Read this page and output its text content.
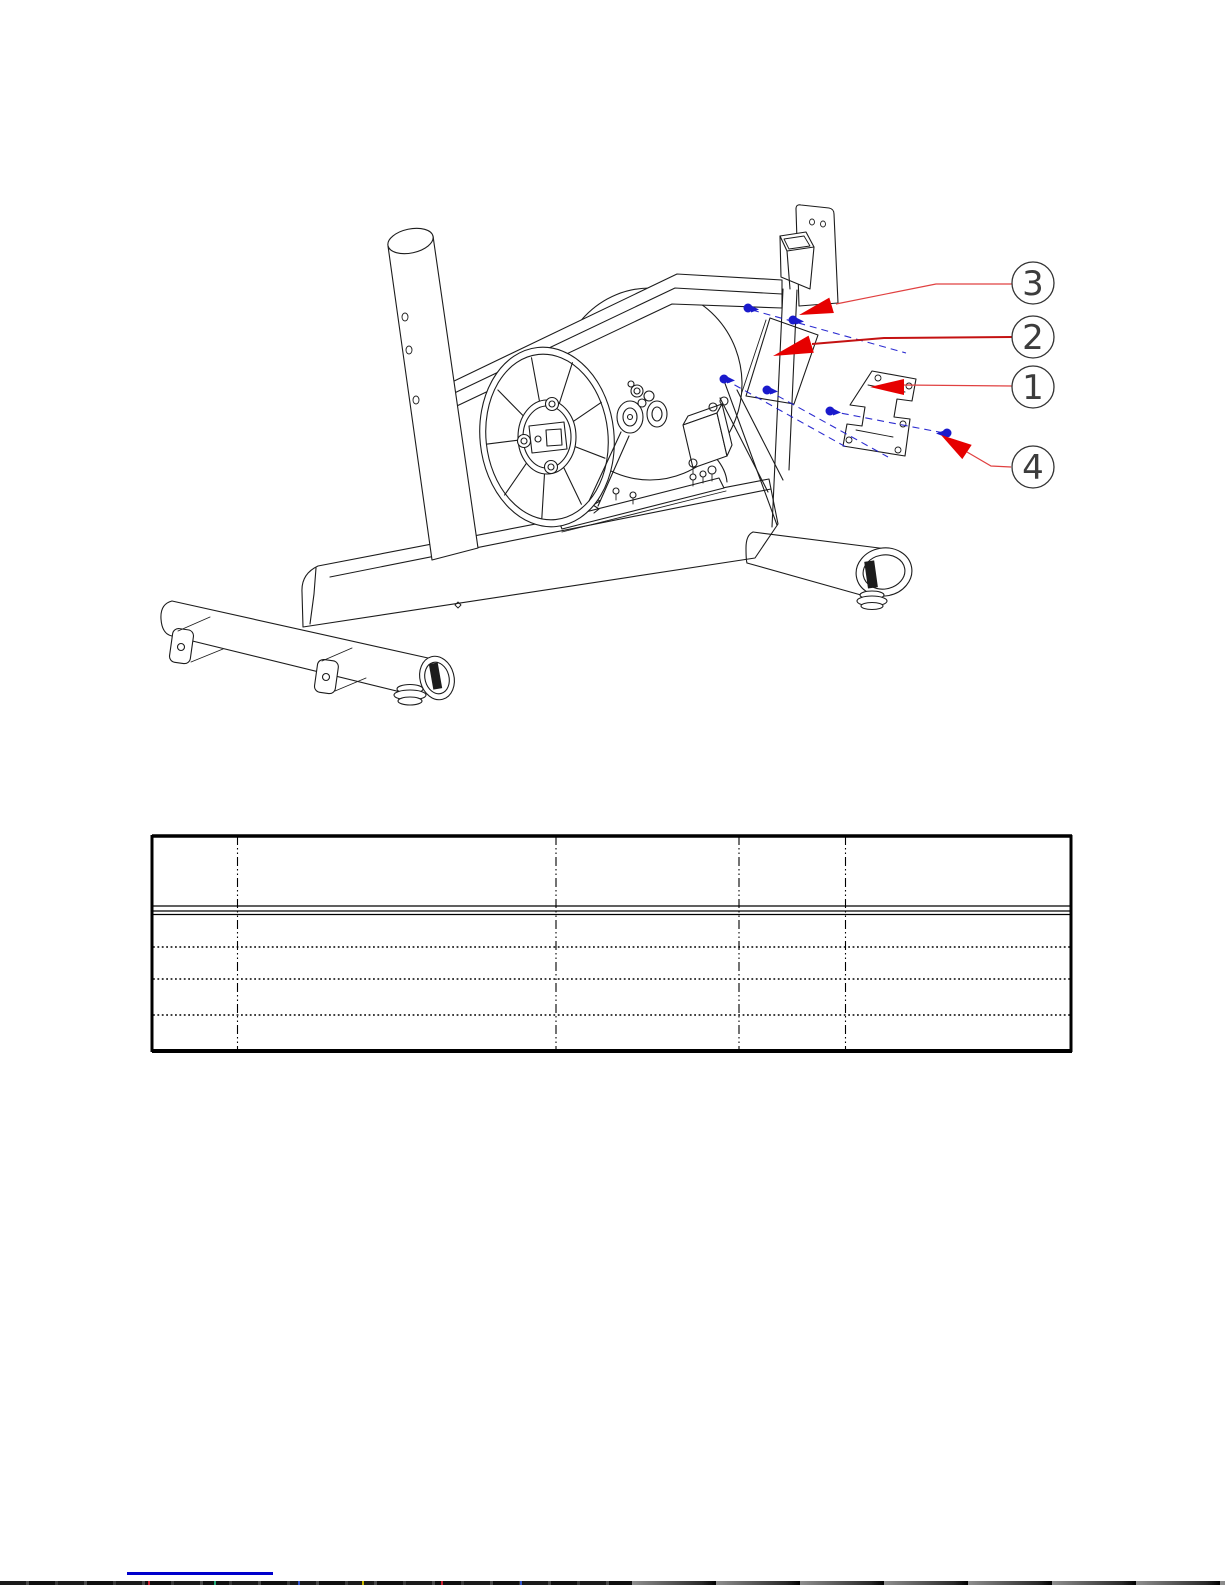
3
2
1
4
